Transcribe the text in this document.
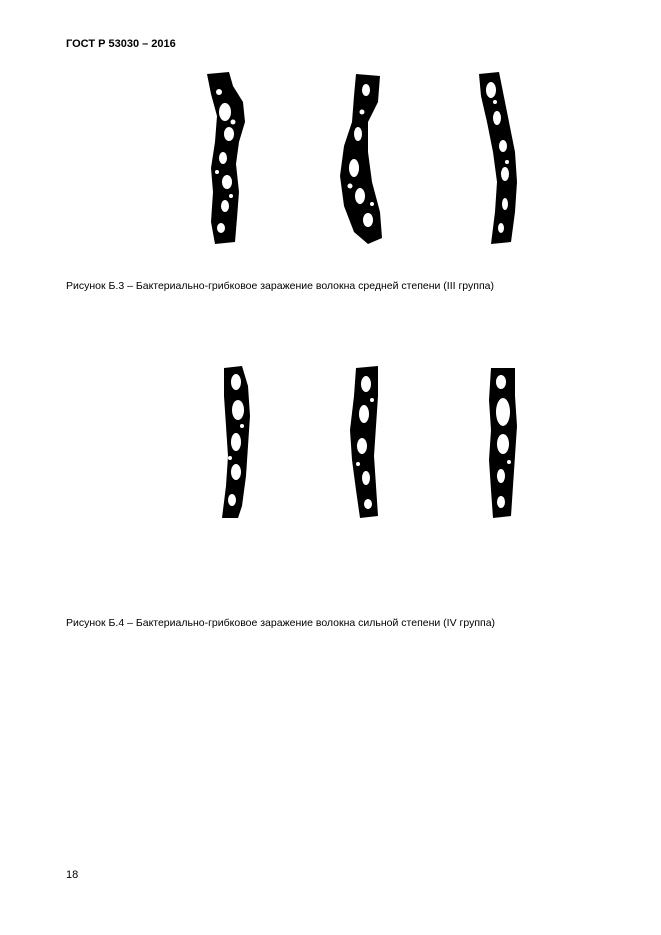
ГОСТ Р 53030 – 2016
Рисунок Б.3 – Бактериально-грибковое заражение волокна средней степени (III группа)
Рисунок Б.4 – Бактериально-грибковое заражение волокна сильной степени (IV группа)
18
